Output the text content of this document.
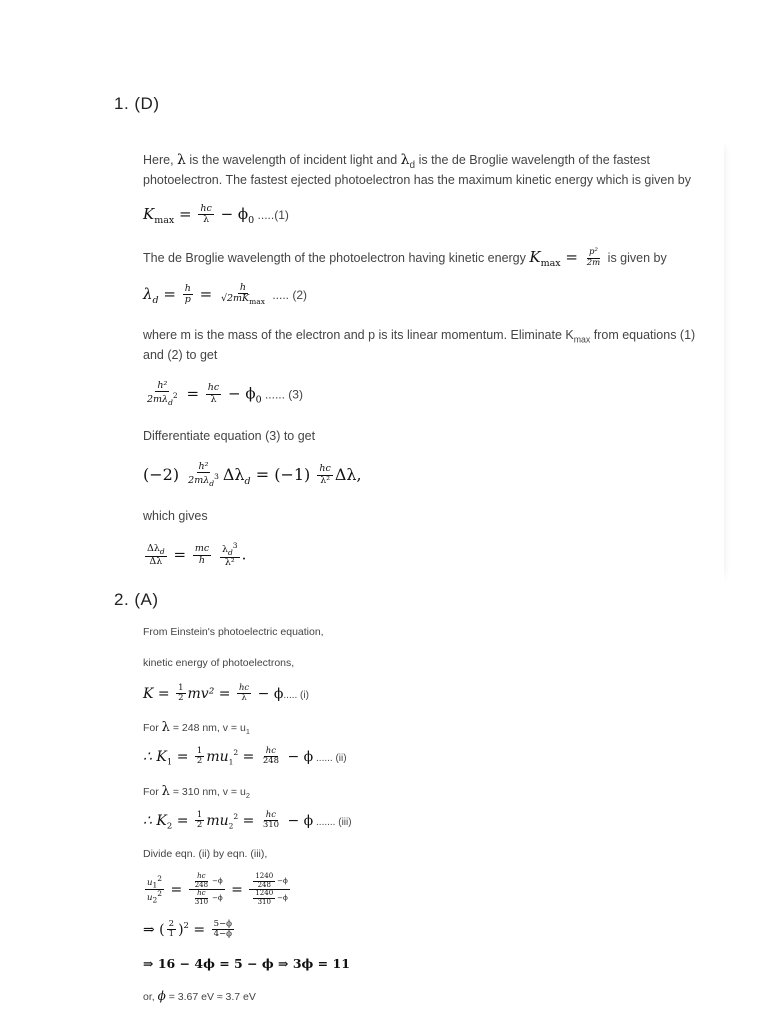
1. (D)
Here, λ is the wavelength of incident light and $\lambda_d$ is the de Broglie wavelength of the fastest
photoelectron. The fastest ejected photoelectron has the maximum kinetic energy which is given by
$K_{max} = \frac{hc}{\lambda} - \phi_0$ .....(1)
The de Broglie wavelength of the photoelectron having kinetic energy $K_{max} = \frac{\text{p²}}{2m}$ is given by
$\lambda_d = \frac{h}{p} = h$
$√2mK_{max}$
..... (2)
where m is the mass of the electron and p is its linear momentum. Eliminate $K_{max}$ from equations (1)
and (2) to get
h²
$2m\lambda_d^2 = \frac{hc}{\lambda} - \phi_0$ ...... (3)
Differentiate equation (3) to get
(−2) h²
$2m\lambda_d^3$ $\Delta\lambda_d = (-1) \frac{hc}{\text{λ²}} \Delta\lambda$,
which gives
$\Delta\lambda_d$
$\Delta\lambda = \frac{mc}{h}$
$\frac{\lambda_d^3}{\text{λ²}}$ .
2. (A)
From Einstein's photoelectric equation,
kinetic energy of photoelectrons,
$K = \frac{1}{2} mv^2 = \frac{hc}{\lambda} - \phi$..... (i)
For λ = 248 nm, $v = u_1$
∴ $K_1 = \frac{1}{2} mu_1^2 = \frac{hc}{248} - \phi$ ...... (ii)
For λ = 310 nm, $v = u_2$
∴ $K_2 = \frac{1}{2} mu_2^2 = \frac{hc}{310} - \phi$ ....... (iii)
Divide eqn. (ii) by eqn. (iii),
$\frac{u_1^2}{u_2^2} = \frac{\frac{hc}{248} -\phi}{\frac{hc}{310} -\phi} = \frac{\frac{1240}{248} -\phi}{\frac{1240}{310} -\phi}$
⇒ ( $\frac{2}{1} )^2 = \frac{5-\phi}{4-\phi}$
⇒ 16 − 4ϕ = 5 − ϕ ⇒ 3ϕ = 11
or, ϕ = 3.67 eV ≈ 3.7 eV
